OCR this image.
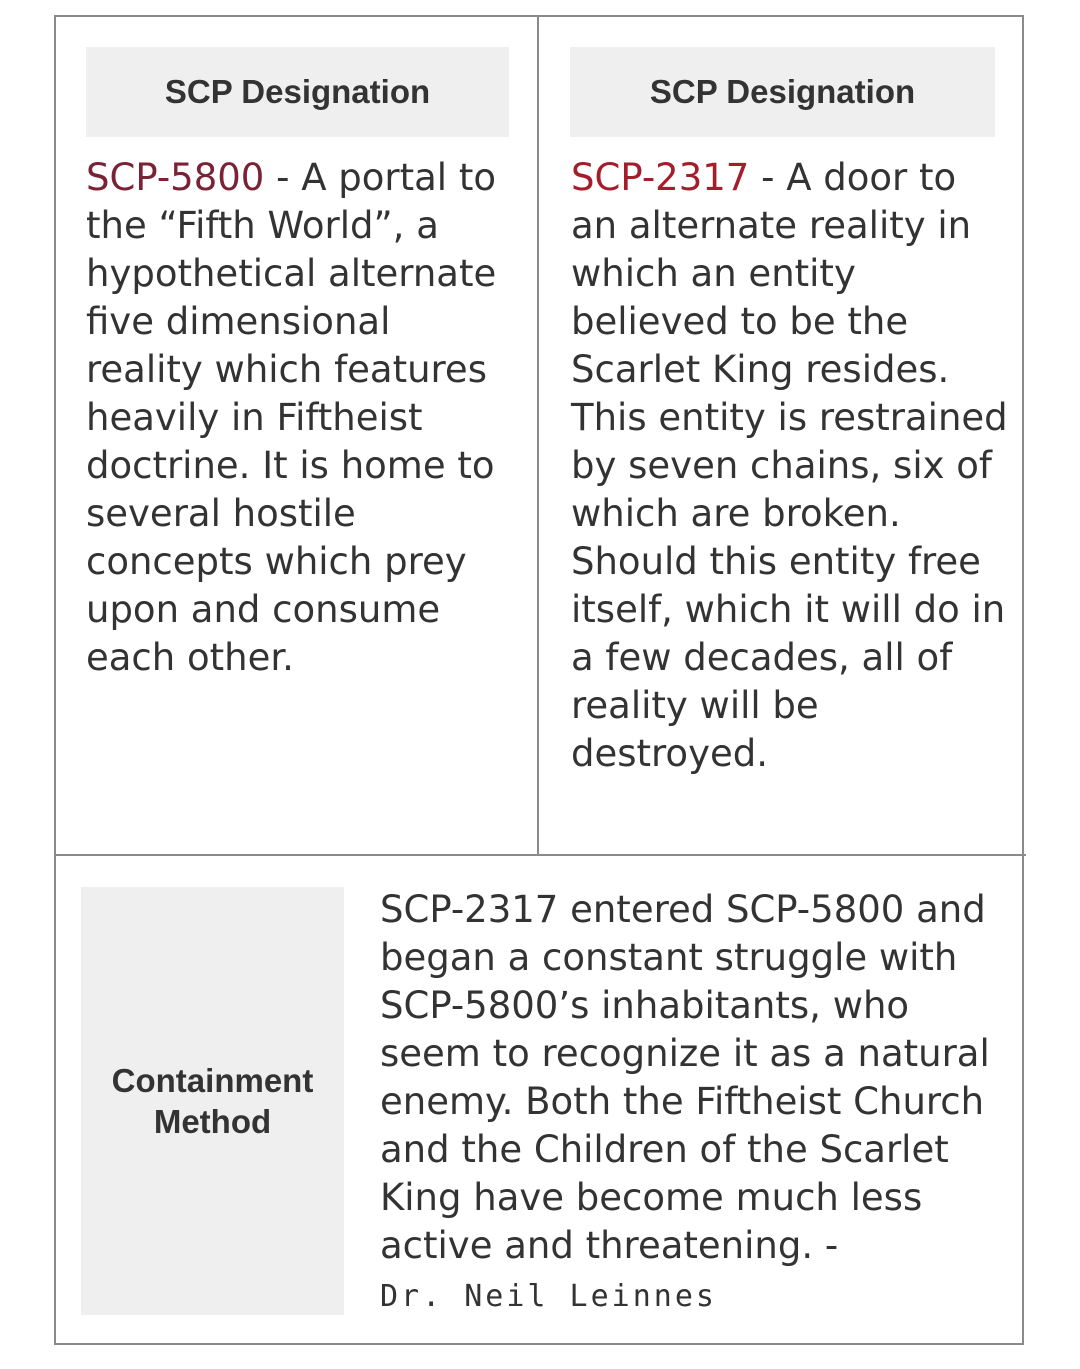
SCP Designation	SCP Designation

SCP-5800 - A portal to the “Fifth World”, a hypothetical alternate five dimensional reality which features heavily in Fiftheist doctrine. It is home to several hostile concepts which prey upon and consume each other.

SCP-2317 - A door to an alternate reality in which an entity believed to be the Scarlet King resides. This entity is restrained by seven chains, six of which are broken. Should this entity free itself, which it will do in a few decades, all of reality will be destroyed.

Containment Method

SCP-2317 entered SCP-5800 and began a constant struggle with SCP-5800’s inhabitants, who seem to recognize it as a natural enemy. Both the Fiftheist Church and the Children of the Scarlet King have become much less active and threatening. -
Dr. Neil Leinnes
